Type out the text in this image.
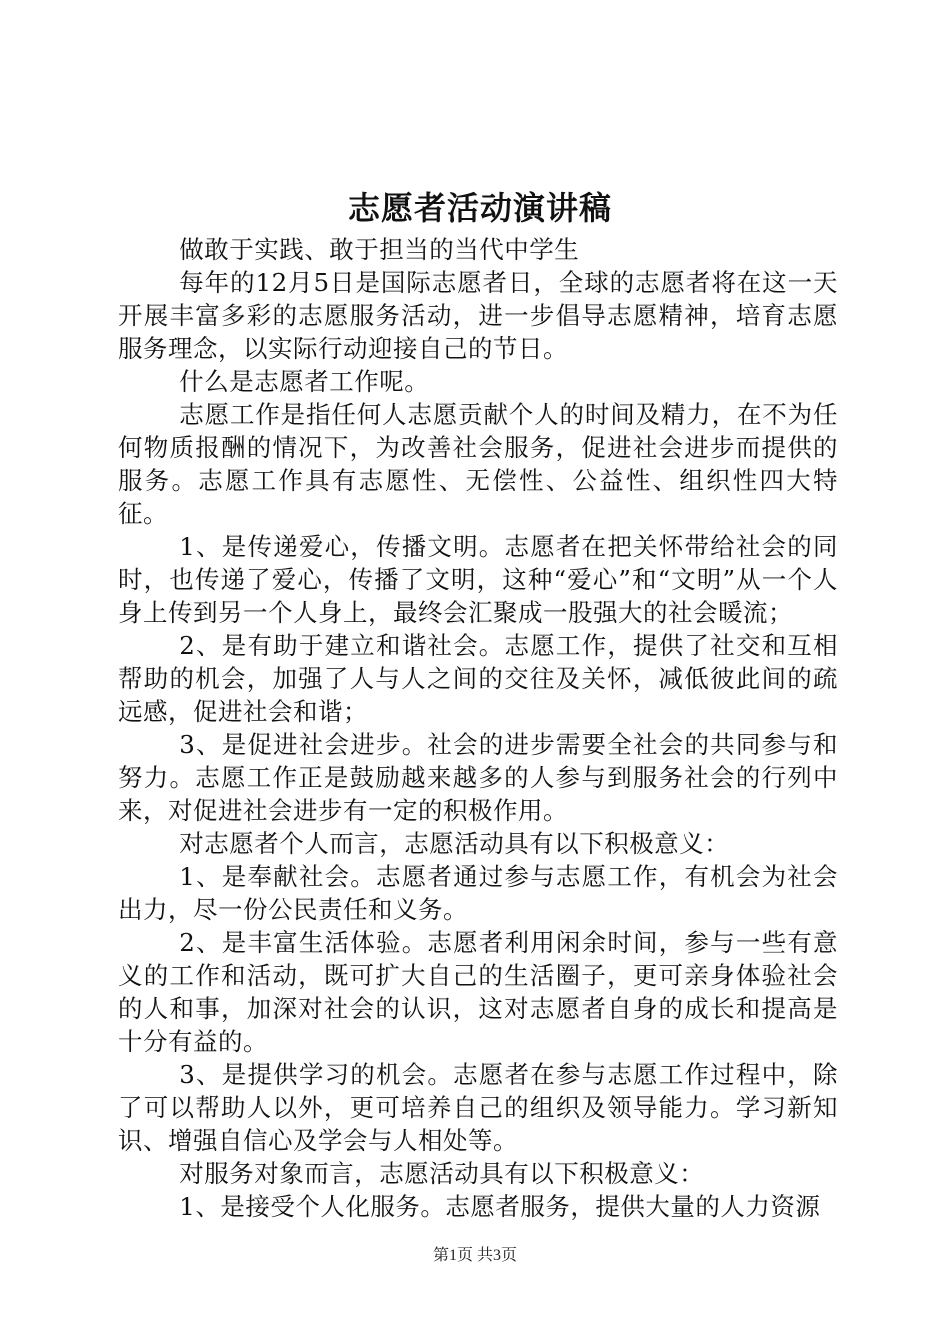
志愿者活动演讲稿

做敢于实践、敢于担当的当代中学生

每年的12月5日是国际志愿者日，全球的志愿者将在这一天开展丰富多彩的志愿服务活动，进一步倡导志愿精神，培育志愿服务理念，以实际行动迎接自己的节日。

什么是志愿者工作呢。

志愿工作是指任何人志愿贡献个人的时间及精力，在不为任何物质报酬的情况下，为改善社会服务，促进社会进步而提供的服务。志愿工作具有志愿性、无偿性、公益性、组织性四大特征。

1、是传递爱心，传播文明。志愿者在把关怀带给社会的同时，也传递了爱心，传播了文明，这种“爱心”和“文明”从一个人身上传到另一个人身上，最终会汇聚成一股强大的社会暖流；

2、是有助于建立和谐社会。志愿工作，提供了社交和互相帮助的机会，加强了人与人之间的交往及关怀，减低彼此间的疏远感，促进社会和谐；

3、是促进社会进步。社会的进步需要全社会的共同参与和努力。志愿工作正是鼓励越来越多的人参与到服务社会的行列中来，对促进社会进步有一定的积极作用。

对志愿者个人而言，志愿活动具有以下积极意义：

1、是奉献社会。志愿者通过参与志愿工作，有机会为社会出力，尽一份公民责任和义务。

2、是丰富生活体验。志愿者利用闲余时间，参与一些有意义的工作和活动，既可扩大自己的生活圈子，更可亲身体验社会的人和事，加深对社会的认识，这对志愿者自身的成长和提高是十分有益的。

3、是提供学习的机会。志愿者在参与志愿工作过程中，除了可以帮助人以外，更可培养自己的组织及领导能力。学习新知识、增强自信心及学会与人相处等。

对服务对象而言，志愿活动具有以下积极意义：

1、是接受个人化服务。志愿者服务，提供大量的人力资源

第1页 共3页
